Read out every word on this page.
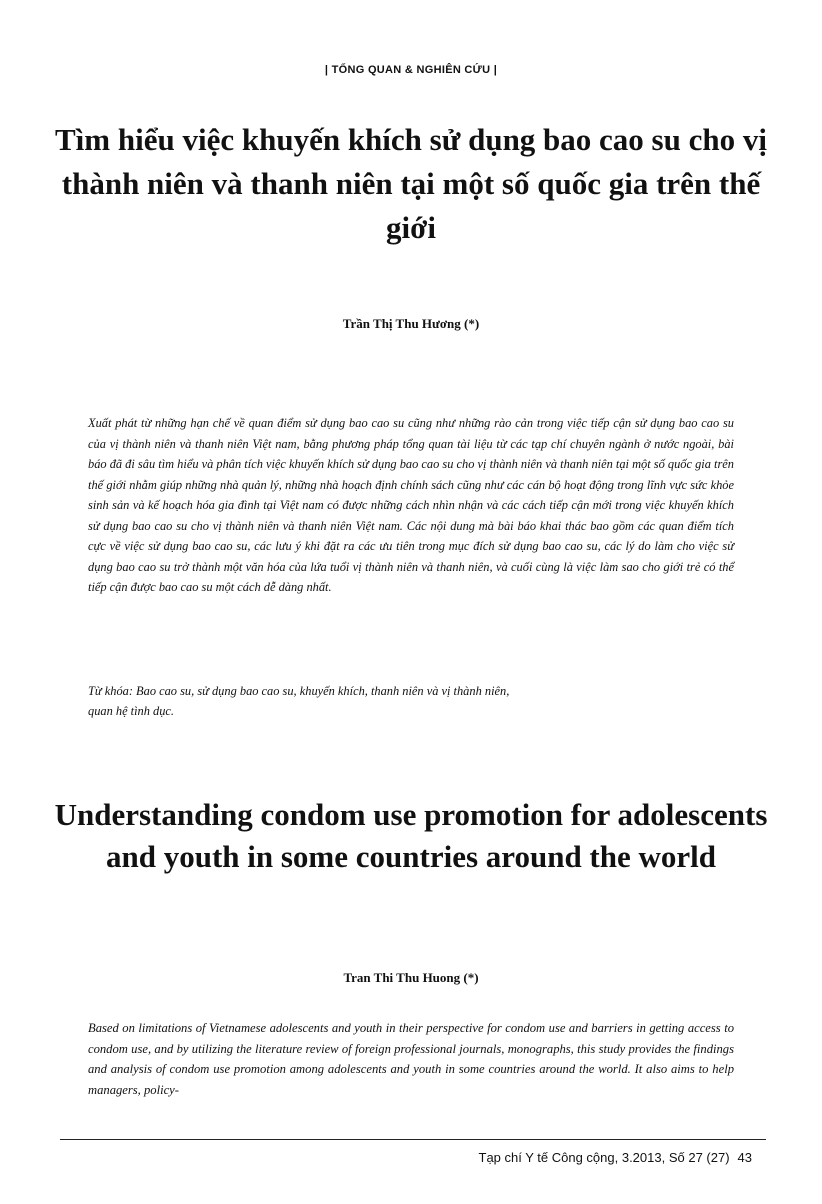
| TỔNG QUAN & NGHIÊN CỨU |
Tìm hiểu việc khuyến khích sử dụng bao cao su cho vị thành niên và thanh niên tại một số quốc gia trên thế giới
Trần Thị Thu Hương (*)

Xuất phát từ những hạn chế về quan điểm sử dụng bao cao su cũng như những rào cản trong việc tiếp cận sử dụng bao cao su của vị thành niên và thanh niên Việt nam, bằng phương pháp tổng quan tài liệu từ các tạp chí chuyên ngành ở nước ngoài, bài báo đã đi sâu tìm hiểu và phân tích việc khuyến khích sử dụng bao cao su cho vị thành niên và thanh niên tại một số quốc gia trên thế giới nhằm giúp những nhà quản lý, những nhà hoạch định chính sách cũng như các cán bộ hoạt động trong lĩnh vực sức khỏe sinh sản và kế hoạch hóa gia đình tại Việt nam có được những cách nhìn nhận và các cách tiếp cận mới trong việc khuyến khích sử dụng bao cao su cho vị thành niên và thanh niên Việt nam. Các nội dung mà bài báo khai thác bao gồm các quan điểm tích cực về việc sử dụng bao cao su, các lưu ý khi đặt ra các ưu tiên trong mục đích sử dụng bao cao su, các lý do làm cho việc sử dụng bao cao su trở thành một văn hóa của lứa tuổi vị thành niên và thanh niên, và cuối cùng là việc làm sao cho giới trẻ có thể tiếp cận được bao cao su một cách dễ dàng nhất.

Từ khóa: Bao cao su, sử dụng bao cao su, khuyến khích, thanh niên và vị thành niên,
quan hệ tình dục.
Understanding condom use promotion for adolescents and youth in some countries around the world
Tran Thi Thu Huong (*)

Based on limitations of Vietnamese adolescents and youth in their perspective for condom use and barriers in getting access to condom use, and by utilizing the literature review of foreign professional journals, monographs, this study provides the findings and analysis of condom use promotion among adolescents and youth in some countries around the world. It also aims to help managers, policy-

Tạp chí Y tế Công cộng, 3.2013, Số 27 (27) 43
